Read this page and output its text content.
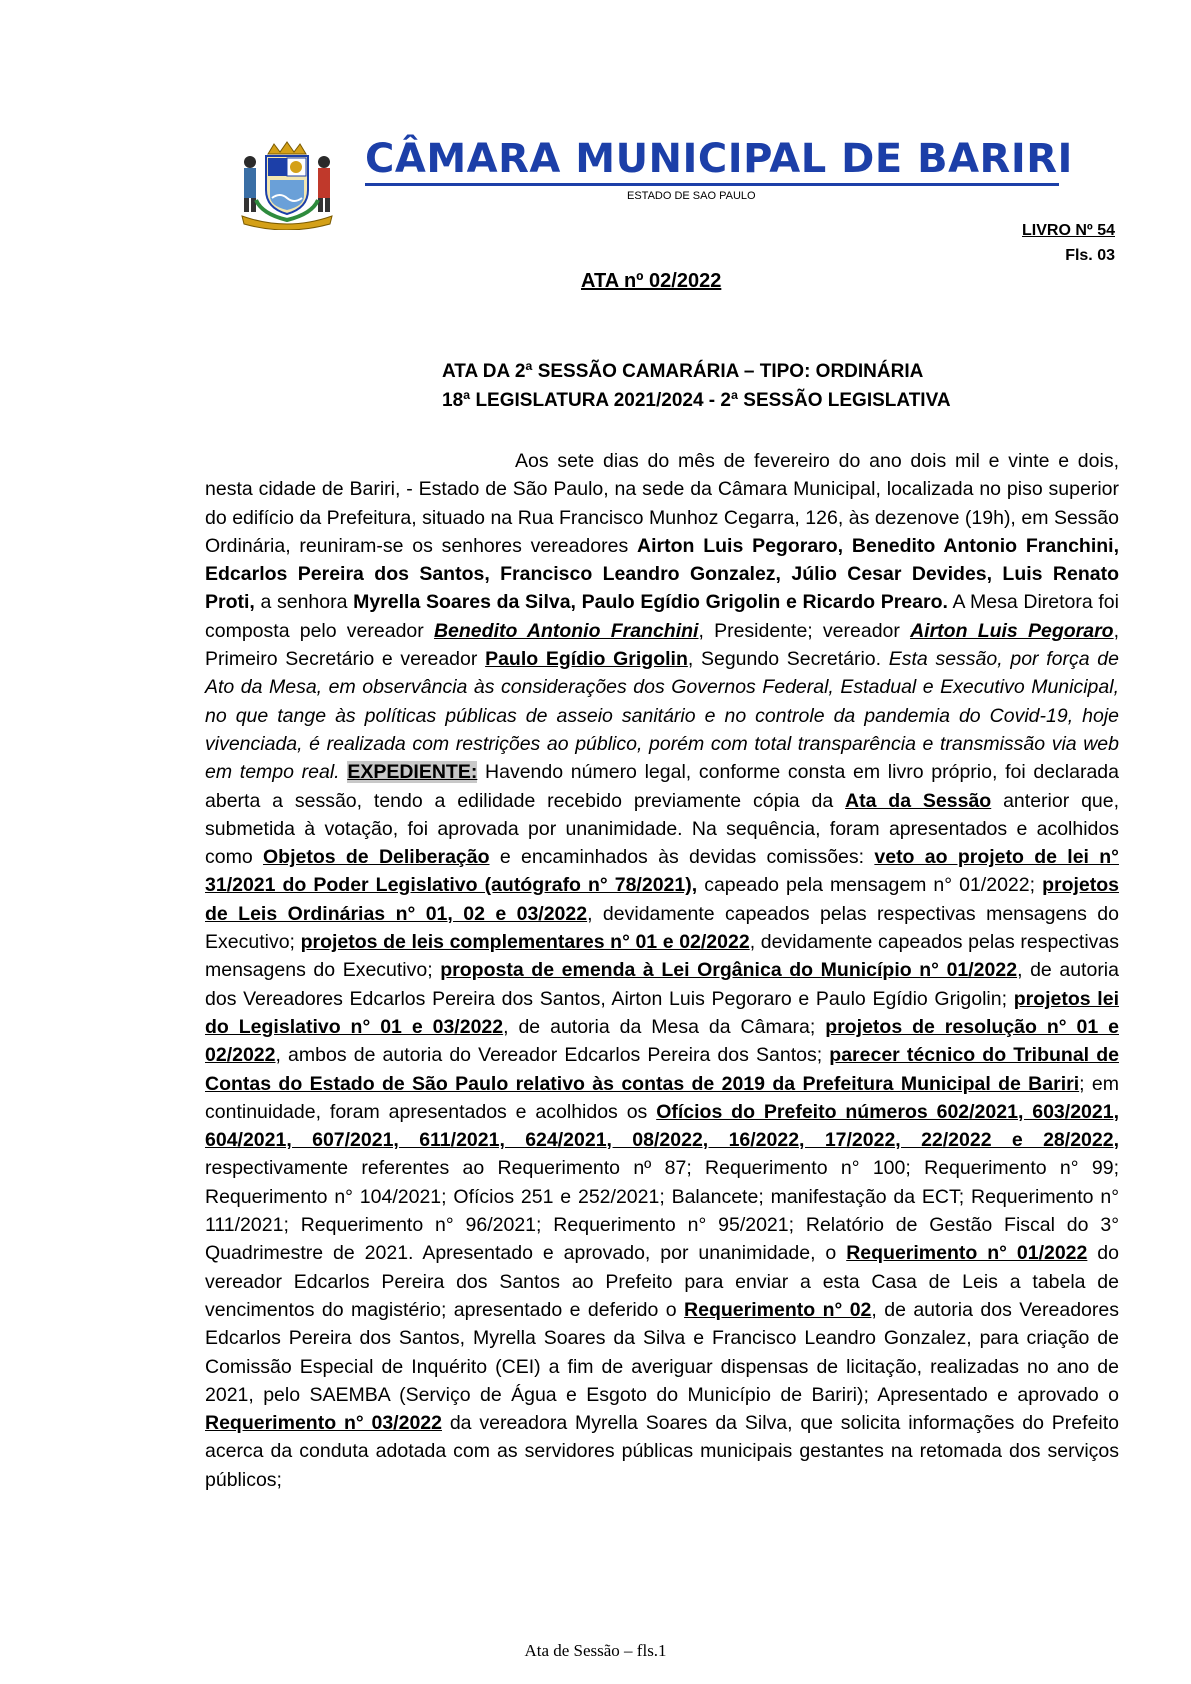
CÂMARA MUNICIPAL DE BARIRI
ESTADO DE SAO PAULO
LIVRO Nº 54
Fls. 03
ATA nº 02/2022
ATA DA 2ª SESSÃO CAMARÁRIA – TIPO: ORDINÁRIA
18ª LEGISLATURA 2021/2024 - 2ª SESSÃO LEGISLATIVA

Aos sete dias do mês de fevereiro do ano dois mil e vinte e dois, nesta cidade de Bariri, - Estado de São Paulo, na sede da Câmara Municipal, localizada no piso superior do edifício da Prefeitura, situado na Rua Francisco Munhoz Cegarra, 126, às dezenove (19h), em Sessão Ordinária, reuniram-se os senhores vereadores Airton Luis Pegoraro, Benedito Antonio Franchini, Edcarlos Pereira dos Santos, Francisco Leandro Gonzalez, Júlio Cesar Devides, Luis Renato Proti, a senhora Myrella Soares da Silva, Paulo Egídio Grigolin e Ricardo Prearo. A Mesa Diretora foi composta pelo vereador Benedito Antonio Franchini, Presidente; vereador Airton Luis Pegoraro, Primeiro Secretário e vereador Paulo Egídio Grigolin, Segundo Secretário. Esta sessão, por força de Ato da Mesa, em observância às considerações dos Governos Federal, Estadual e Executivo Municipal, no que tange às políticas públicas de asseio sanitário e no controle da pandemia do Covid-19, hoje vivenciada, é realizada com restrições ao público, porém com total transparência e transmissão via web em tempo real. EXPEDIENTE: Havendo número legal, conforme consta em livro próprio, foi declarada aberta a sessão, tendo a edilidade recebido previamente cópia da Ata da Sessão anterior que, submetida à votação, foi aprovada por unanimidade. Na sequência, foram apresentados e acolhidos como Objetos de Deliberação e encaminhados às devidas comissões: veto ao projeto de lei n° 31/2021 do Poder Legislativo (autógrafo n° 78/2021), capeado pela mensagem n° 01/2022; projetos de Leis Ordinárias n° 01, 02 e 03/2022, devidamente capeados pelas respectivas mensagens do Executivo; projetos de leis complementares n° 01 e 02/2022, devidamente capeados pelas respectivas mensagens do Executivo; proposta de emenda à Lei Orgânica do Município n° 01/2022, de autoria dos Vereadores Edcarlos Pereira dos Santos, Airton Luis Pegoraro e Paulo Egídio Grigolin; projetos lei do Legislativo n° 01 e 03/2022, de autoria da Mesa da Câmara; projetos de resolução n° 01 e 02/2022, ambos de autoria do Vereador Edcarlos Pereira dos Santos; parecer técnico do Tribunal de Contas do Estado de São Paulo relativo às contas de 2019 da Prefeitura Municipal de Bariri; em continuidade, foram apresentados e acolhidos os Ofícios do Prefeito números 602/2021, 603/2021, 604/2021, 607/2021, 611/2021, 624/2021, 08/2022, 16/2022, 17/2022, 22/2022 e 28/2022, respectivamente referentes ao Requerimento nº 87; Requerimento n° 100; Requerimento n° 99; Requerimento n° 104/2021; Ofícios 251 e 252/2021; Balancete; manifestação da ECT; Requerimento n° 111/2021; Requerimento n° 96/2021; Requerimento n° 95/2021; Relatório de Gestão Fiscal do 3° Quadrimestre de 2021. Apresentado e aprovado, por unanimidade, o Requerimento n° 01/2022 do vereador Edcarlos Pereira dos Santos ao Prefeito para enviar a esta Casa de Leis a tabela de vencimentos do magistério; apresentado e deferido o Requerimento n° 02, de autoria dos Vereadores Edcarlos Pereira dos Santos, Myrella Soares da Silva e Francisco Leandro Gonzalez, para criação de Comissão Especial de Inquérito (CEI) a fim de averiguar dispensas de licitação, realizadas no ano de 2021, pelo SAEMBA (Serviço de Água e Esgoto do Município de Bariri); Apresentado e aprovado o Requerimento n° 03/2022 da vereadora Myrella Soares da Silva, que solicita informações do Prefeito acerca da conduta adotada com as servidores públicas municipais gestantes na retomada dos serviços públicos;

Ata de Sessão – fls.1
